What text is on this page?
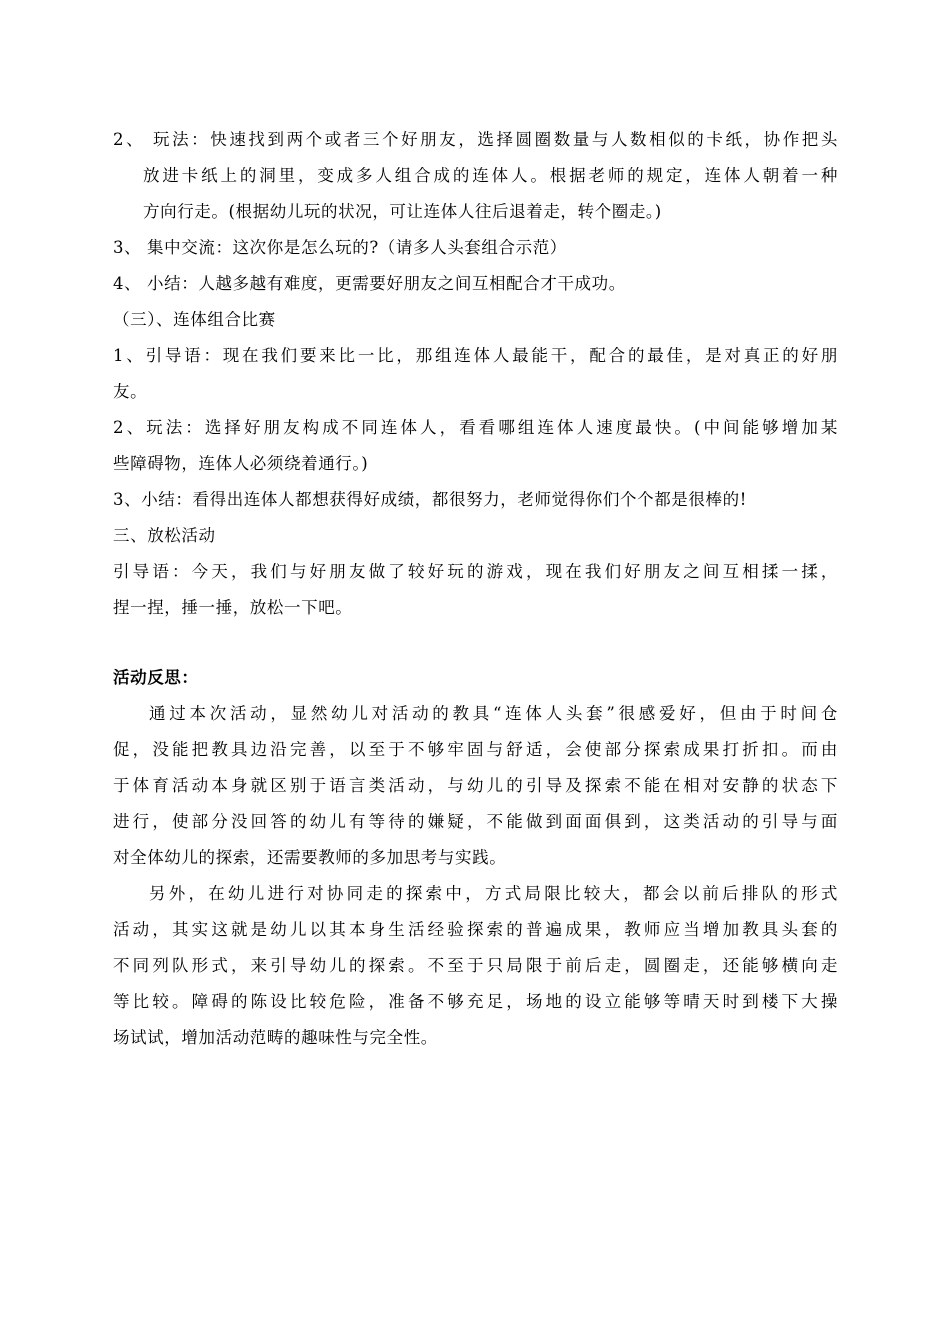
2、 玩法：快速找到两个或者三个好朋友，选择圆圈数量与人数相似的卡纸，协作把头
放进卡纸上的洞里，变成多人组合成的连体人。根据老师的规定，连体人朝着一种
方向行走。(根据幼儿玩的状况，可让连体人往后退着走，转个圈走。)
3、 集中交流：这次你是怎么玩的?（请多人头套组合示范）
4、 小结：人越多越有难度，更需要好朋友之间互相配合才干成功。
（三）、连体组合比赛
1、引导语：现在我们要来比一比，那组连体人最能干，配合的最佳，是对真正的好朋
友。
2、玩法：选择好朋友构成不同连体人，看看哪组连体人速度最快。(中间能够增加某
些障碍物，连体人必须绕着通行。)
3、小结：看得出连体人都想获得好成绩，都很努力，老师觉得你们个个都是很棒的!
三、放松活动
引导语：今天，我们与好朋友做了较好玩的游戏，现在我们好朋友之间互相揉一揉，
捏一捏，捶一捶，放松一下吧。
活动反思：
通过本次活动，显然幼儿对活动的教具“连体人头套”很感爱好，但由于时间仓
促，没能把教具边沿完善，以至于不够牢固与舒适，会使部分探索成果打折扣。而由
于体育活动本身就区别于语言类活动，与幼儿的引导及探索不能在相对安静的状态下
进行，使部分没回答的幼儿有等待的嫌疑，不能做到面面俱到，这类活动的引导与面
对全体幼儿的探索，还需要教师的多加思考与实践。
另外，在幼儿进行对协同走的探索中，方式局限比较大，都会以前后排队的形式
活动，其实这就是幼儿以其本身生活经验探索的普遍成果，教师应当增加教具头套的
不同列队形式，来引导幼儿的探索。不至于只局限于前后走，圆圈走，还能够横向走
等比较。障碍的陈设比较危险，准备不够充足，场地的设立能够等晴天时到楼下大操
场试试，增加活动范畴的趣味性与完全性。
